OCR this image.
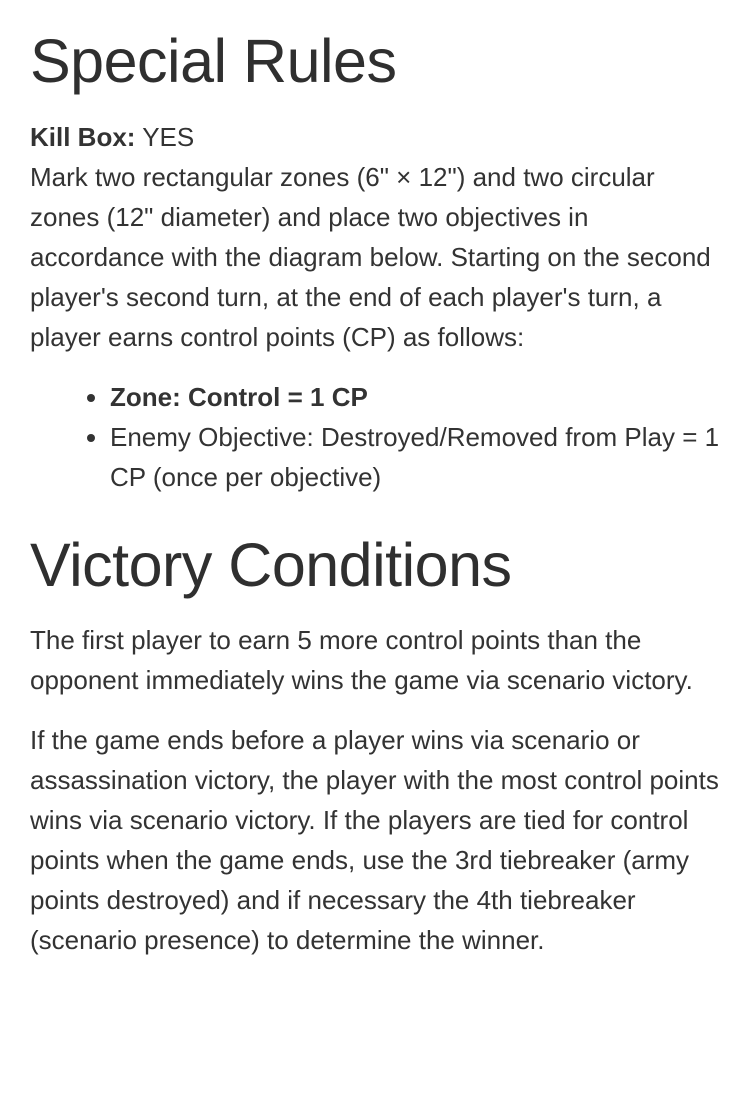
Special Rules
Kill Box: YES

Mark two rectangular zones (6" × 12") and two circular zones (12" diameter) and place two objectives in accordance with the diagram below. Starting on the second player's second turn, at the end of each player's turn, a player earns control points (CP) as follows:

• Zone: Control = 1 CP
• Enemy Objective: Destroyed/Removed from Play = 1 CP (once per objective)
Victory Conditions

The first player to earn 5 more control points than the opponent immediately wins the game via scenario victory.

If the game ends before a player wins via scenario or assassination victory, the player with the most control points wins via scenario victory. If the players are tied for control points when the game ends, use the 3rd tiebreaker (army points destroyed) and if necessary the 4th tiebreaker (scenario presence) to determine the winner.
